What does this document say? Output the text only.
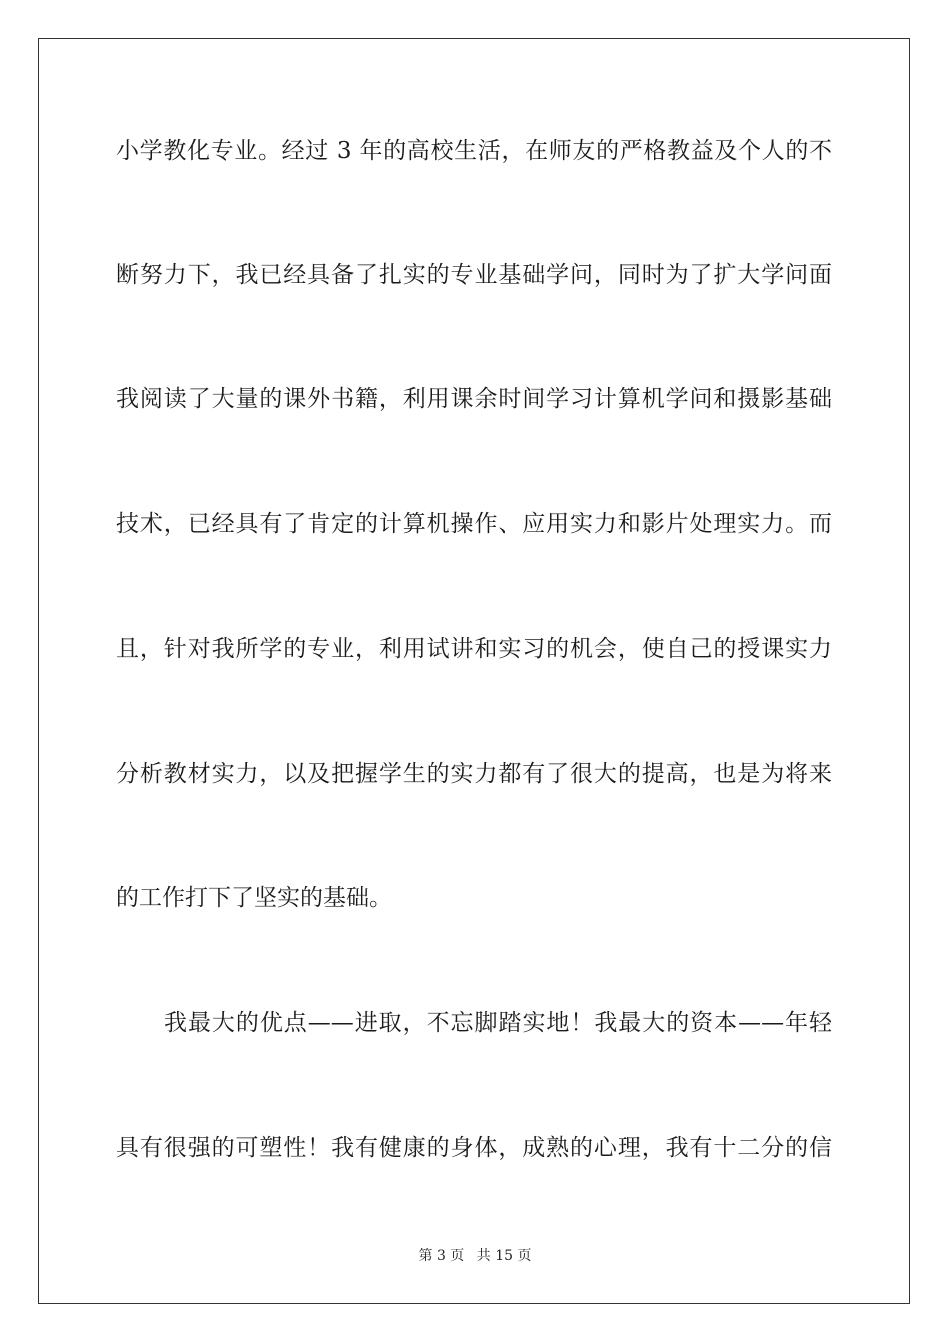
小学教化专业。经过 3 年的高校生活，在师友的严格教益及个人的不
断努力下，我已经具备了扎实的专业基础学问，同时为了扩大学问面
我阅读了大量的课外书籍，利用课余时间学习计算机学问和摄影基础
技术，已经具有了肯定的计算机操作、应用实力和影片处理实力。而
且，针对我所学的专业，利用试讲和实习的机会，使自己的授课实力
分析教材实力，以及把握学生的实力都有了很大的提高，也是为将来
的工作打下了坚实的基础。
我最大的优点——进取，不忘脚踏实地！我最大的资本——年轻
具有很强的可塑性！我有健康的身体，成熟的心理，我有十二分的信
第 3 页 共 15 页
